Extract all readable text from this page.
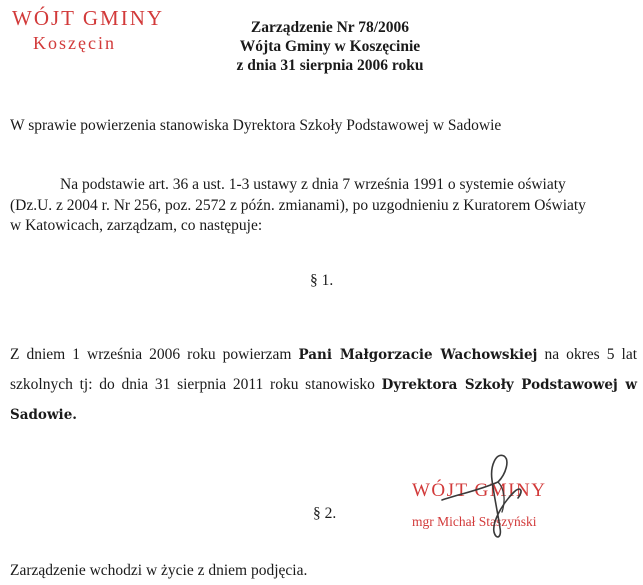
WÓJT GMINY
Koszęcin
Zarządzenie Nr 78/2006
Wójta Gminy w Koszęcinie
z dnia 31 sierpnia 2006 roku
W sprawie powierzenia stanowiska Dyrektora Szkoły Podstawowej w Sadowie
Na podstawie art. 36 a ust. 1-3 ustawy z dnia 7 września 1991 o systemie oświaty
(Dz.U. z 2004 r. Nr 256, poz. 2572 z późn. zmianami), po uzgodnieniu z Kuratorem Oświaty
w Katowicach, zarządzam, co następuje:
§ 1.
Z dniem 1 września 2006 roku powierzam Pani Małgorzacie Wachowskiej na okres 5 lat szkolnych tj: do dnia 31 sierpnia 2011 roku stanowisko Dyrektora Szkoły Podstawowej w Sadowie.
WÓJT GMINY
mgr Michał Staszyński
§ 2.
Zarządzenie wchodzi w życie z dniem podjęcia.
